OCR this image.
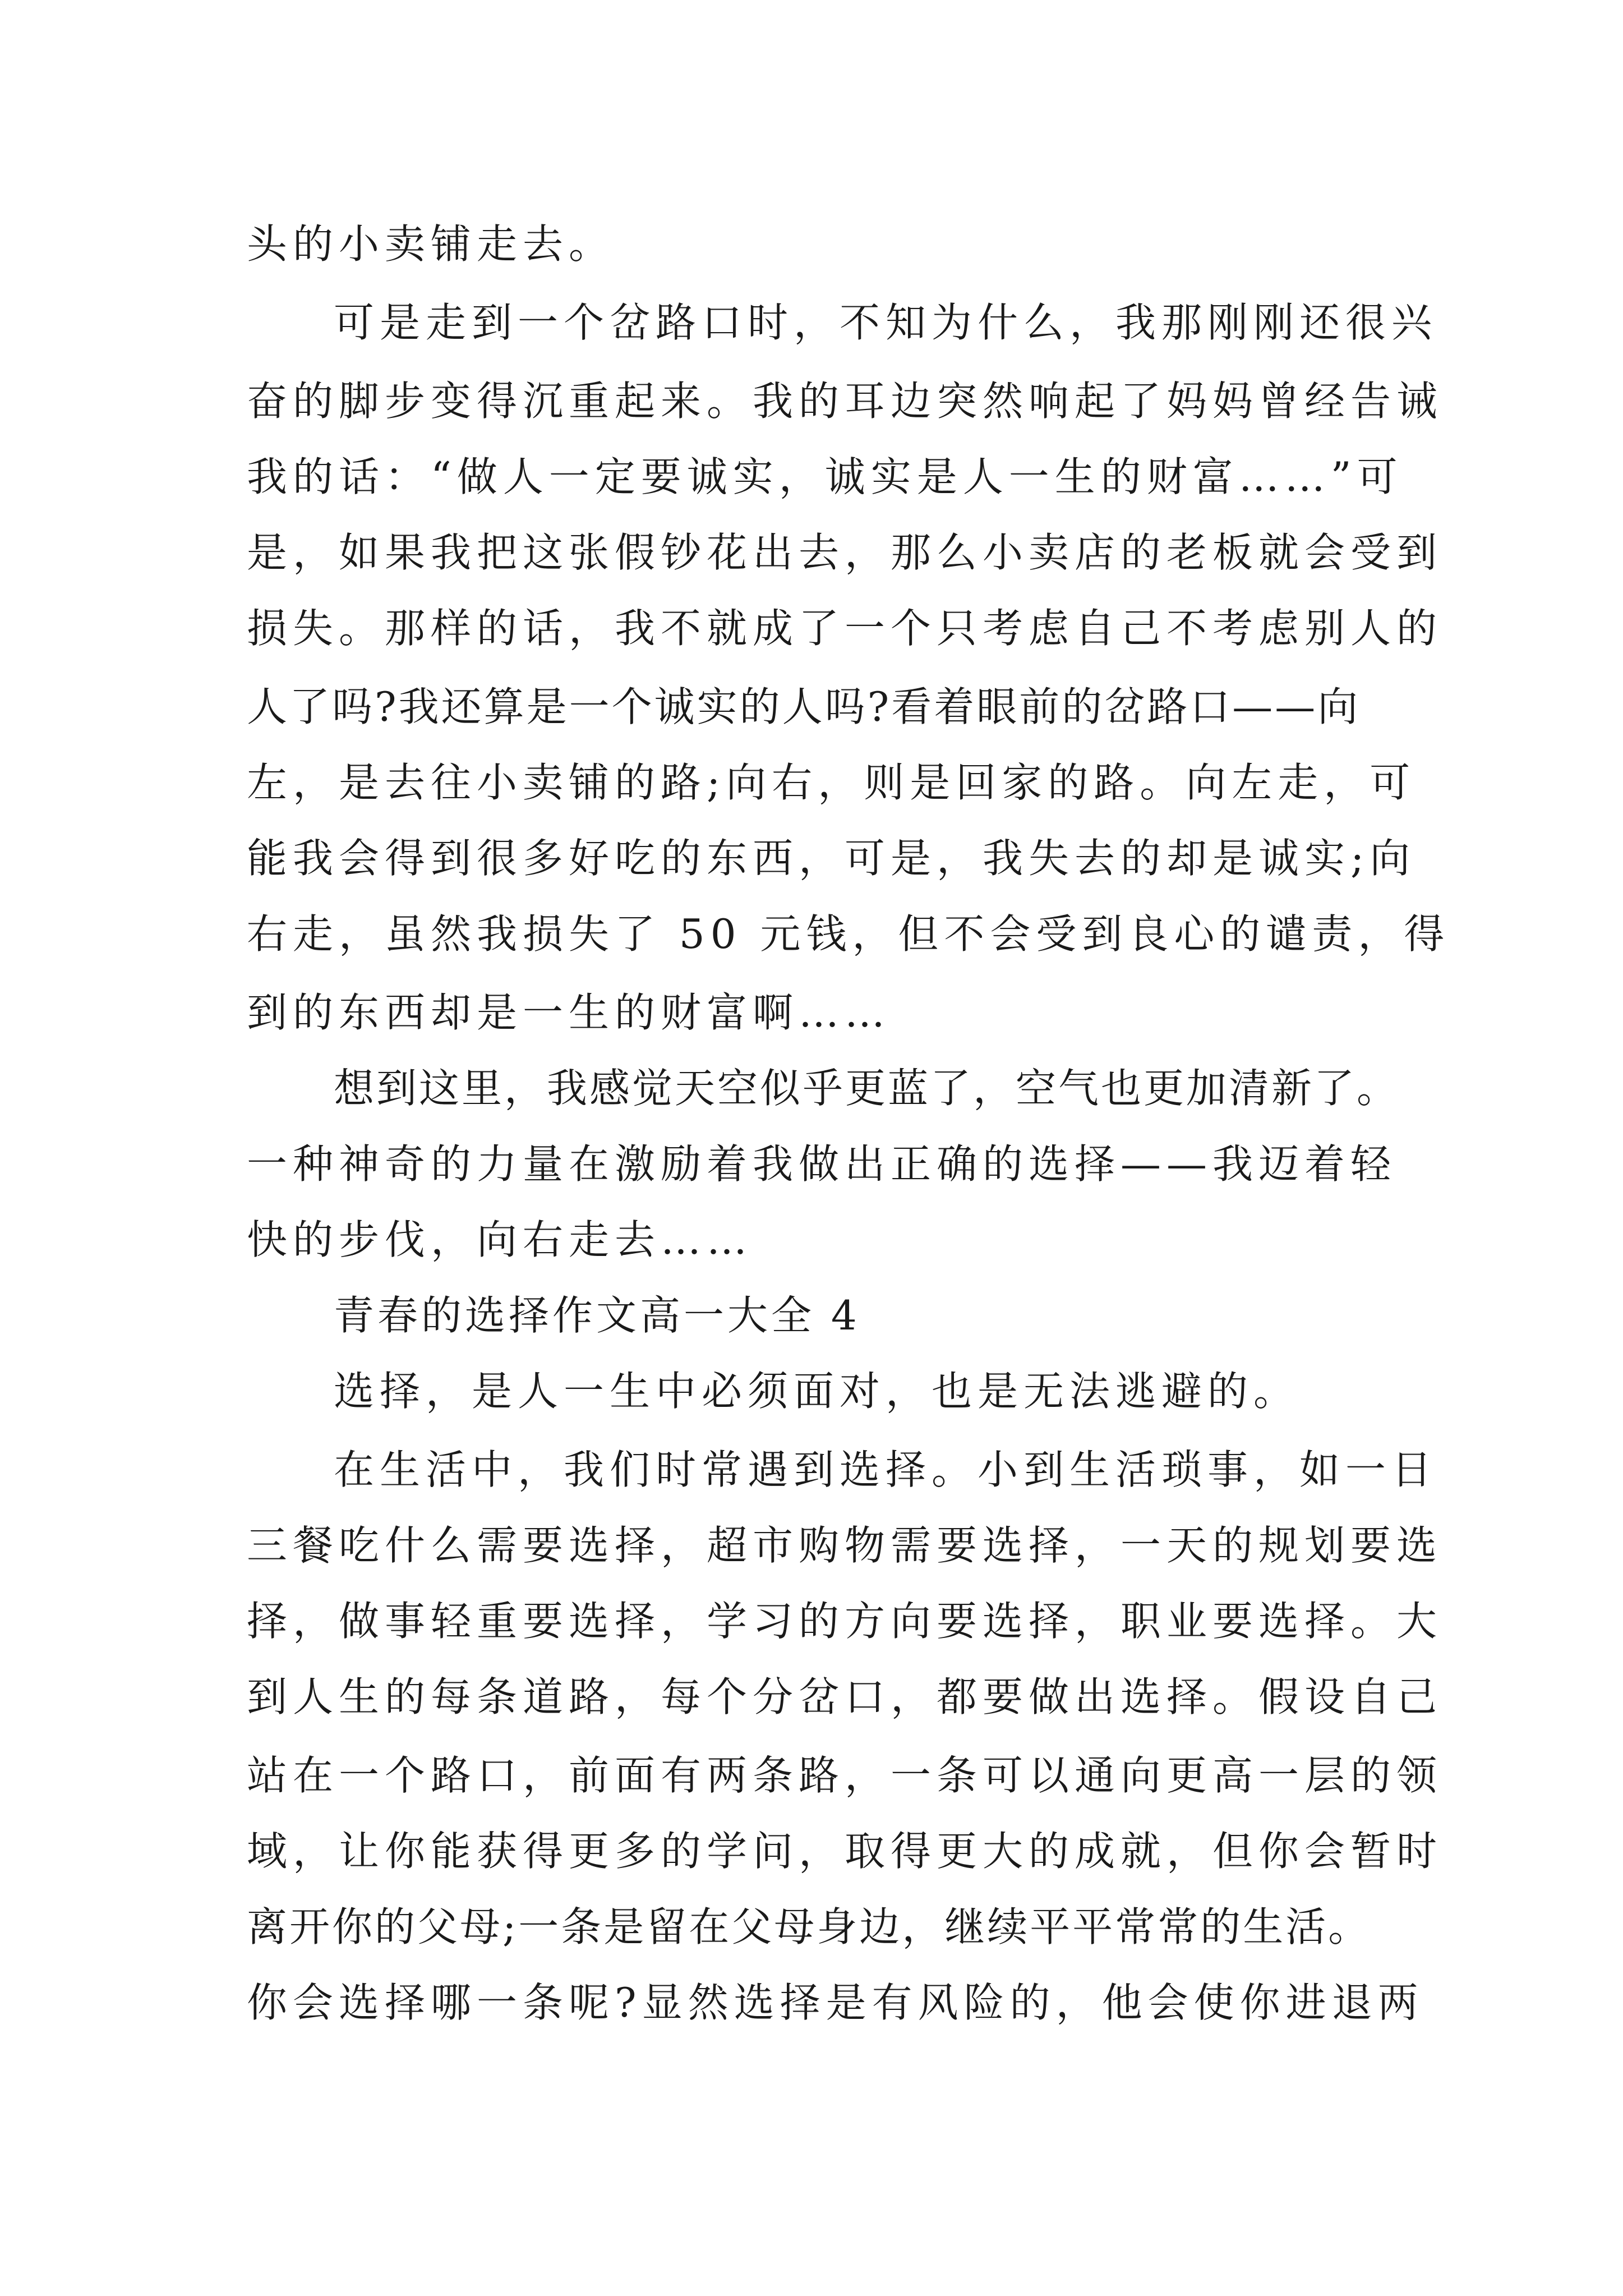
头的小卖铺走去。
可是走到一个岔路口时，不知为什么，我那刚刚还很兴
奋的脚步变得沉重起来。我的耳边突然响起了妈妈曾经告诫
我的话：“做人一定要诚实，诚实是人一生的财富……”可
是，如果我把这张假钞花出去，那么小卖店的老板就会受到
损失。那样的话，我不就成了一个只考虑自己不考虑别人的
人了吗?我还算是一个诚实的人吗?看着眼前的岔路口——向
左，是去往小卖铺的路;向右，则是回家的路。向左走，可
能我会得到很多好吃的东西，可是，我失去的却是诚实;向
右走，虽然我损失了 50 元钱，但不会受到良心的谴责，得
到的东西却是一生的财富啊……
想到这里，我感觉天空似乎更蓝了，空气也更加清新了。
一种神奇的力量在激励着我做出正确的选择——我迈着轻
快的步伐，向右走去……
青春的选择作文高一大全 4
选择，是人一生中必须面对，也是无法逃避的。
在生活中，我们时常遇到选择。小到生活琐事，如一日
三餐吃什么需要选择，超市购物需要选择，一天的规划要选
择，做事轻重要选择，学习的方向要选择，职业要选择。大
到人生的每条道路，每个分岔口，都要做出选择。假设自己
站在一个路口，前面有两条路，一条可以通向更高一层的领
域，让你能获得更多的学问，取得更大的成就，但你会暂时
离开你的父母;一条是留在父母身边，继续平平常常的生活。
你会选择哪一条呢?显然选择是有风险的，他会使你进退两
